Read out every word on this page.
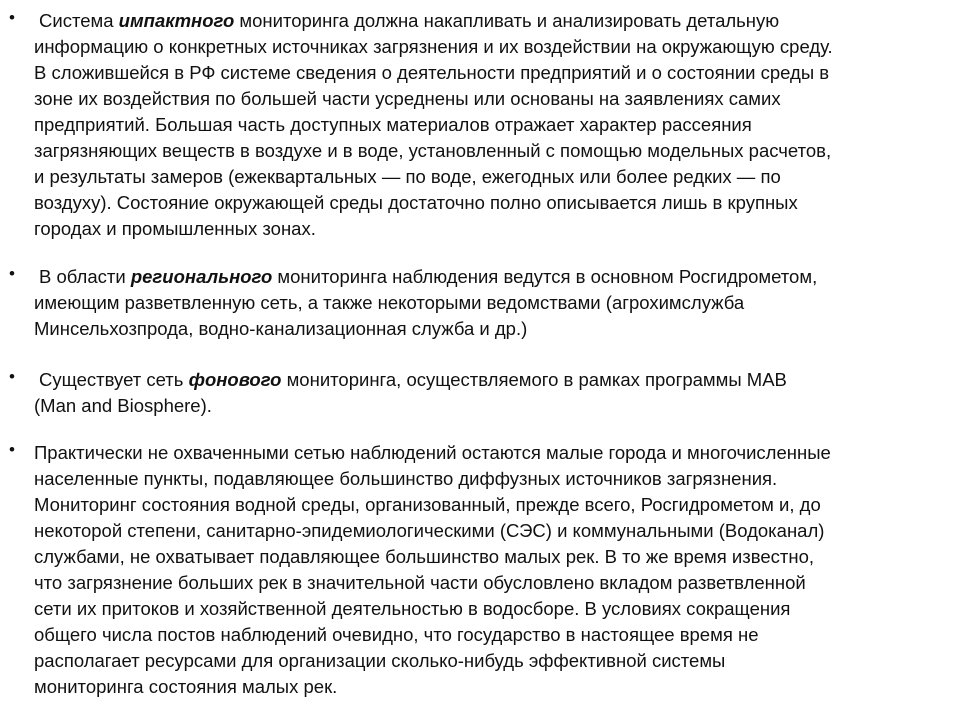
• Система импактного мониторинга должна накапливать и анализировать детальную
информацию о конкретных источниках загрязнения и их воздействии на окружающую среду.
В сложившейся в РФ системе сведения о деятельности предприятий и о состоянии среды в
зоне их воздействия по большей части усреднены или основаны на заявлениях самих
предприятий. Большая часть доступных материалов отражает характер рассеяния
загрязняющих веществ в воздухе и в воде, установленный с помощью модельных расчетов,
и результаты замеров (ежеквартальных — по воде, ежегодных или более редких — по
воздуху). Состояние окружающей среды достаточно полно описывается лишь в крупных
городах и промышленных зонах.
• В области регионального мониторинга наблюдения ведутся в основном Росгидрометом,
имеющим разветвленную сеть, а также некоторыми ведомствами (агрохимслужба
Минсельхозпрода, водно-канализационная служба и др.)
• Существует сеть фонового мониторинга, осуществляемого в рамках программы МАВ
(Man and Biosphere).
• Практически не охваченными сетью наблюдений остаются малые города и многочисленные
населенные пункты, подавляющее большинство диффузных источников загрязнения.
Мониторинг состояния водной среды, организованный, прежде всего, Росгидрометом и, до
некоторой степени, санитарно-эпидемиологическими (СЭС) и коммунальными (Водоканал)
службами, не охватывает подавляющее большинство малых рек. В то же время известно,
что загрязнение больших рек в значительной части обусловлено вкладом разветвленной
сети их притоков и хозяйственной деятельностью в водосборе. В условиях сокращения
общего числа постов наблюдений очевидно, что государство в настоящее время не
располагает ресурсами для организации сколько-нибудь эффективной системы
мониторинга состояния малых рек.
